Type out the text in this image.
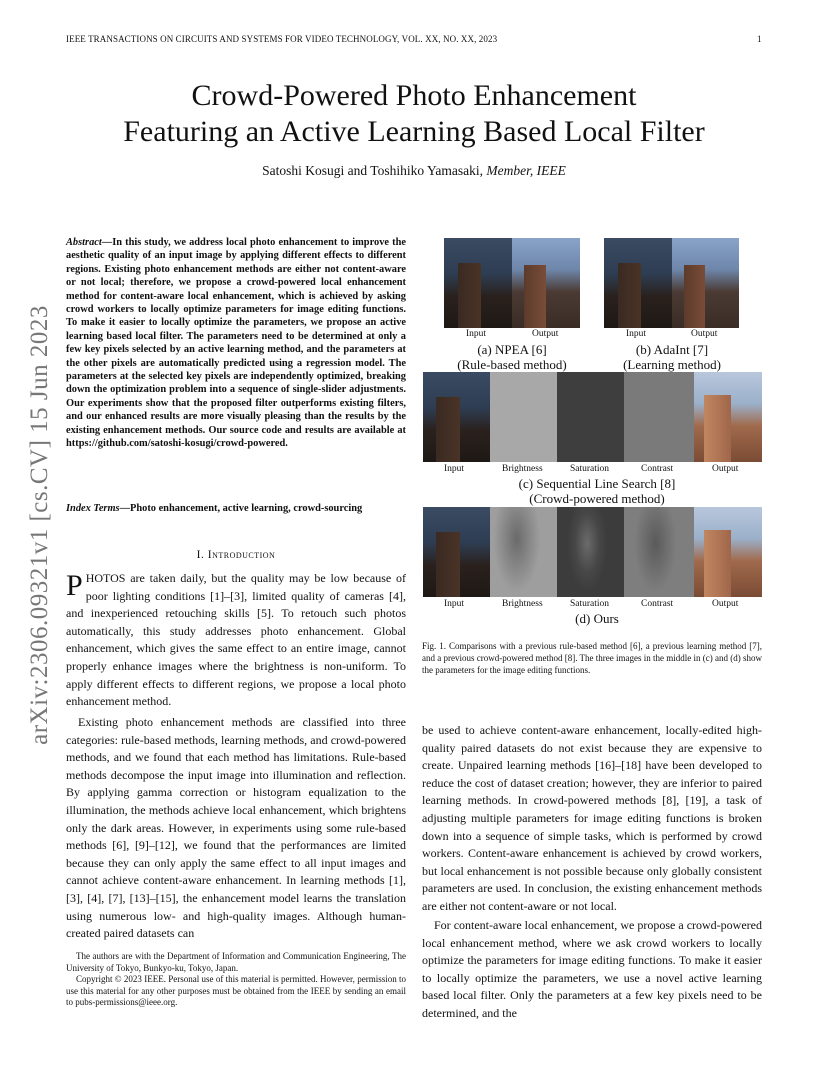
IEEE TRANSACTIONS ON CIRCUITS AND SYSTEMS FOR VIDEO TECHNOLOGY, VOL. XX, NO. XX, 2023	1
Crowd-Powered Photo Enhancement
Featuring an Active Learning Based Local Filter
Satoshi Kosugi and Toshihiko Yamasaki, Member, IEEE
arXiv:2306.09321v1 [cs.CV] 15 Jun 2023
Abstract—In this study, we address local photo enhancement to improve the aesthetic quality of an input image by applying different effects to different regions. Existing photo enhancement methods are either not content-aware or not local; therefore, we propose a crowd-powered local enhancement method for content-aware local enhancement, which is achieved by asking crowd workers to locally optimize parameters for image editing functions. To make it easier to locally optimize the parameters, we propose an active learning based local filter. The parameters need to be determined at only a few key pixels selected by an active learning method, and the parameters at the other pixels are automatically predicted using a regression model. The parameters at the selected key pixels are independently optimized, breaking down the optimization problem into a sequence of single-slider adjustments. Our experiments show that the proposed filter outperforms existing filters, and our enhanced results are more visually pleasing than the results by the existing enhancement methods. Our source code and results are available at https://github.com/satoshi-kosugi/crowd-powered.
Index Terms—Photo enhancement, active learning, crowd-sourcing
I. Introduction
PHOTOS are taken daily, but the quality may be low because of poor lighting conditions [1]–[3], limited quality of cameras [4], and inexperienced retouching skills [5]. To retouch such photos automatically, this study addresses photo enhancement. Global enhancement, which gives the same effect to an entire image, cannot properly enhance images where the brightness is non-uniform. To apply different effects to different regions, we propose a local photo enhancement method.
Existing photo enhancement methods are classified into three categories: rule-based methods, learning methods, and crowd-powered methods, and we found that each method has limitations. Rule-based methods decompose the input image into illumination and reflection. By applying gamma correction or histogram equalization to the illumination, the methods achieve local enhancement, which brightens only the dark areas. However, in experiments using some rule-based methods [6], [9]–[12], we found that the performances are limited because they can only apply the same effect to all input images and cannot achieve content-aware enhancement. In learning methods [1], [3], [4], [7], [13]–[15], the enhancement model learns the translation using numerous low- and high-quality images. Although human-created paired datasets can

The authors are with the Department of Information and Communication Engineering, The University of Tokyo, Bunkyo-ku, Tokyo, Japan.

Copyright © 2023 IEEE. Personal use of this material is permitted. However, permission to use this material for any other purposes must be obtained from the IEEE by sending an email to pubs-permissions@ieee.org.

Input	Output
(a) NPEA [6]
(Rule-based method)
Input	Output
(b) AdaInt [7]
(Learning method)
Input	Brightness	Saturation	Contrast	Output
(c) Sequential Line Search [8]
(Crowd-powered method)
Input	Brightness	Saturation	Contrast	Output
(d) Ours
Fig. 1. Comparisons with a previous rule-based method [6], a previous learning method [7], and a previous crowd-powered method [8]. The three images in the middle in (c) and (d) show the parameters for the image editing functions.
be used to achieve content-aware enhancement, locally-edited high-quality paired datasets do not exist because they are expensive to create. Unpaired learning methods [16]–[18] have been developed to reduce the cost of dataset creation; however, they are inferior to paired learning methods. In crowd-powered methods [8], [19], a task of adjusting multiple parameters for image editing functions is broken down into a sequence of simple tasks, which is performed by crowd workers. Content-aware enhancement is achieved by crowd workers, but local enhancement is not possible because only globally consistent parameters are used. In conclusion, the existing enhancement methods are either not content-aware or not local.
For content-aware local enhancement, we propose a crowd-powered local enhancement method, where we ask crowd workers to locally optimize the parameters for image editing functions. To make it easier to locally optimize the parameters, we use a novel active learning based local filter. Only the parameters at a few key pixels need to be determined, and the
